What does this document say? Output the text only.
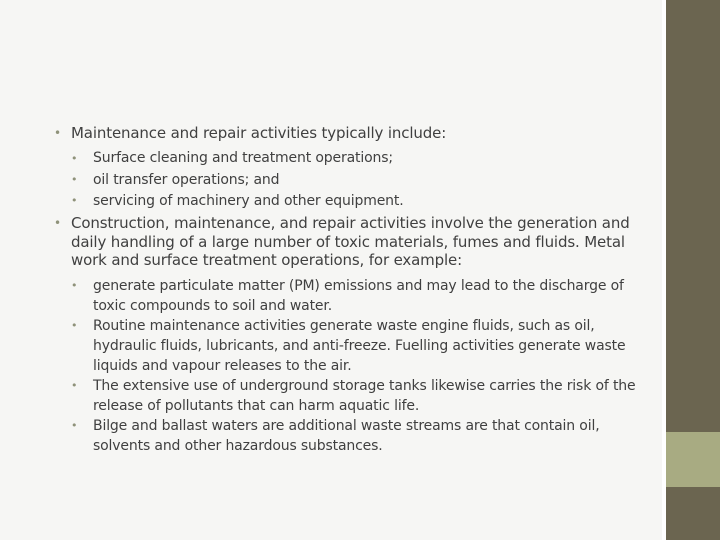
• Maintenance and repair activities typically include:
• Surface cleaning and treatment operations;
• oil transfer operations; and
• servicing of machinery and other equipment.
• Construction, maintenance, and repair activities involve the generation and daily handling of a large number of toxic materials, fumes and fluids. Metal work and surface treatment operations, for example:
• generate particulate matter (PM) emissions and may lead to the discharge of toxic compounds to soil and water.
• Routine maintenance activities generate waste engine fluids, such as oil, hydraulic fluids, lubricants, and anti-freeze. Fuelling activities generate waste liquids and vapour releases to the air.
• The extensive use of underground storage tanks likewise carries the risk of the release of pollutants that can harm aquatic life.
• Bilge and ballast waters are additional waste streams are that contain oil, solvents and other hazardous substances.
